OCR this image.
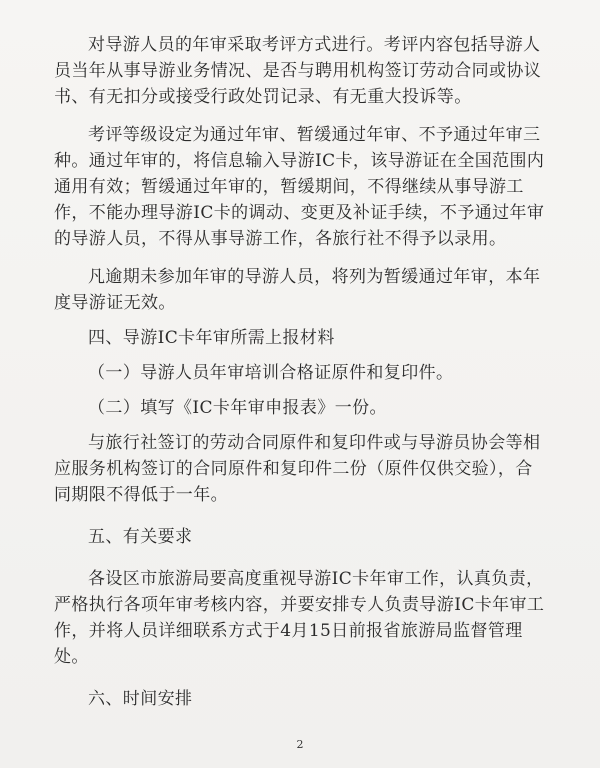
对导游人员的年审采取考评方式进行。考评内容包括导游人员当年从事导游业务情况、是否与聘用机构签订劳动合同或协议书、有无扣分或接受行政处罚记录、有无重大投诉等。

考评等级设定为通过年审、暂缓通过年审、不予通过年审三种。通过年审的，将信息输入导游IC卡，该导游证在全国范围内通用有效；暂缓通过年审的，暂缓期间，不得继续从事导游工作，不能办理导游IC卡的调动、变更及补证手续，不予通过年审的导游人员，不得从事导游工作，各旅行社不得予以录用。

凡逾期未参加年审的导游人员，将列为暂缓通过年审，本年度导游证无效。

四、导游IC卡年审所需上报材料

（一）导游人员年审培训合格证原件和复印件。

（二）填写《IC卡年审申报表》一份。

与旅行社签订的劳动合同原件和复印件或与导游员协会等相应服务机构签订的合同原件和复印件二份（原件仅供交验），合同期限不得低于一年。

五、有关要求

各设区市旅游局要高度重视导游IC卡年审工作，认真负责，严格执行各项年审考核内容，并要安排专人负责导游IC卡年审工作，并将人员详细联系方式于4月15日前报省旅游局监督管理处。

六、时间安排

2
